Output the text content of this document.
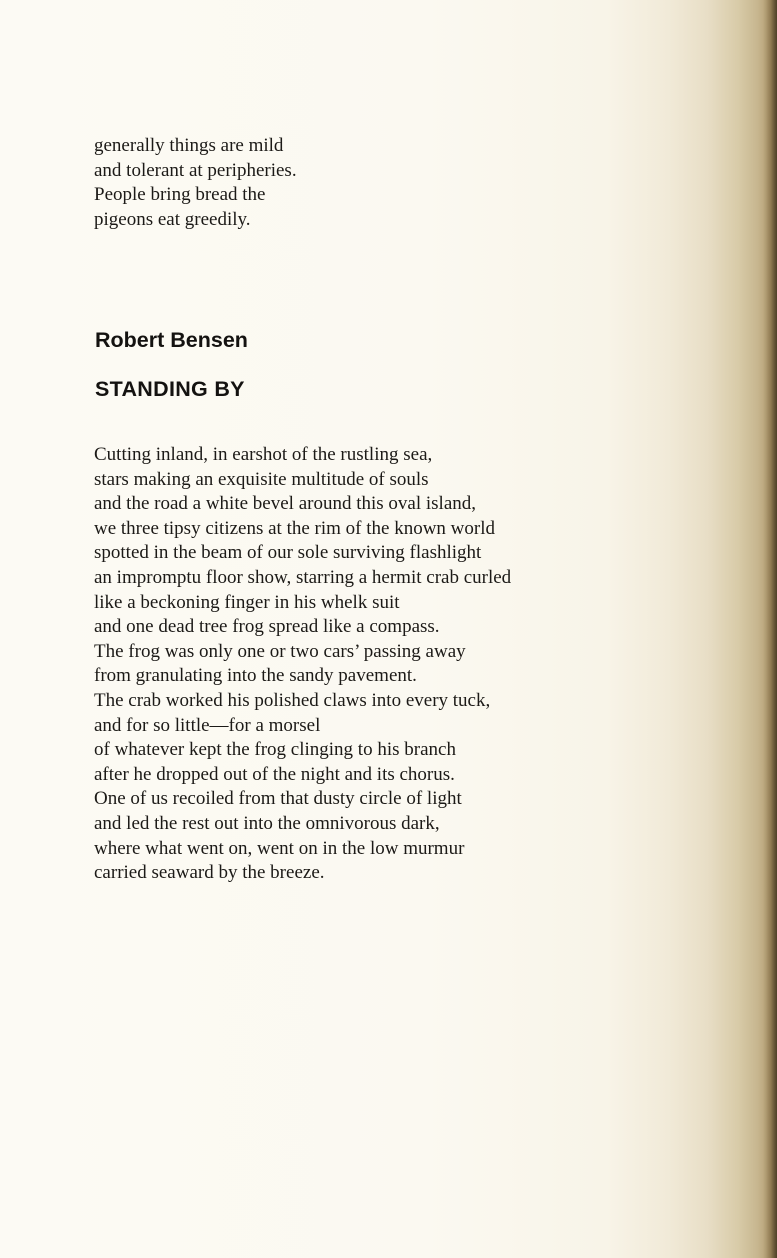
generally things are mild
and tolerant at peripheries.
People bring bread the
pigeons eat greedily.
Robert Bensen
STANDING BY
Cutting inland, in earshot of the rustling sea,
stars making an exquisite multitude of souls
and the road a white bevel around this oval island,
we three tipsy citizens at the rim of the known world
spotted in the beam of our sole surviving flashlight
an impromptu floor show, starring a hermit crab curled
like a beckoning finger in his whelk suit
and one dead tree frog spread like a compass.
The frog was only one or two cars’ passing away
from granulating into the sandy pavement.
The crab worked his polished claws into every tuck,
and for so little—for a morsel
of whatever kept the frog clinging to his branch
after he dropped out of the night and its chorus.
One of us recoiled from that dusty circle of light
and led the rest out into the omnivorous dark,
where what went on, went on in the low murmur
carried seaward by the breeze.
